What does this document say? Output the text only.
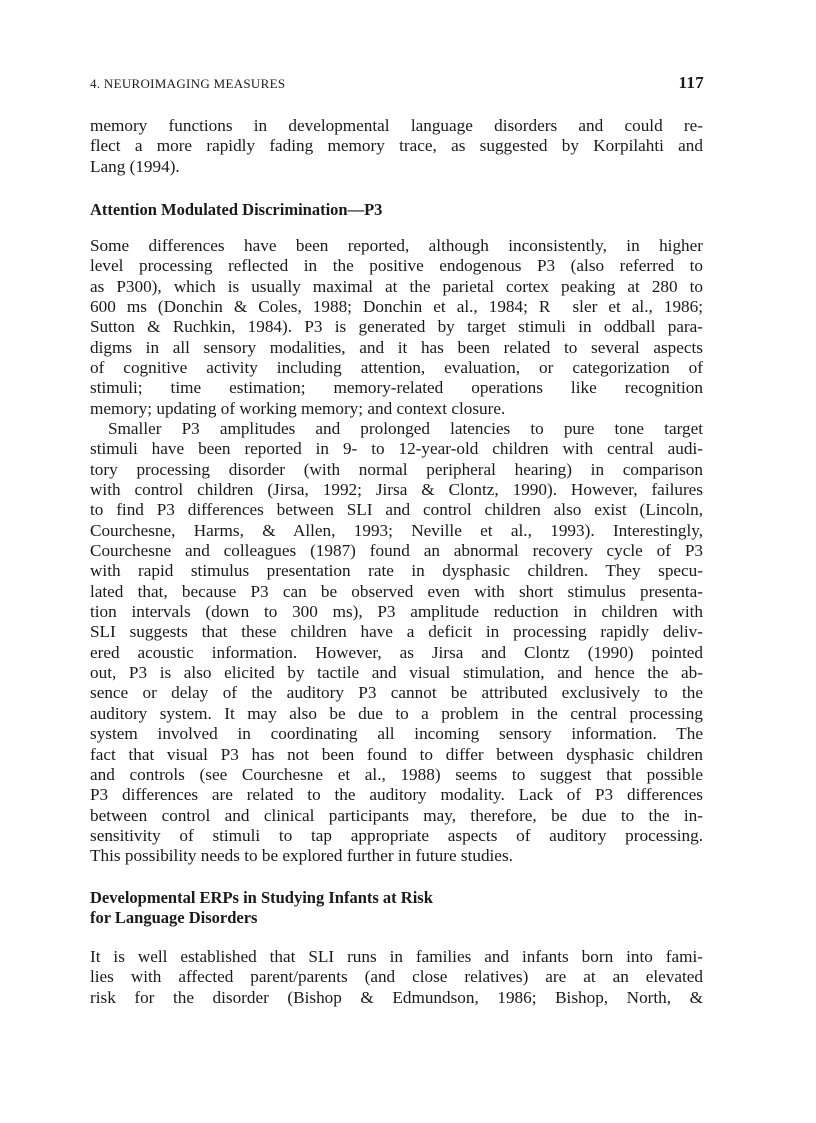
4. NEUROIMAGING MEASURES	117
memory functions in developmental language disorders and could re-
flect a more rapidly fading memory trace, as suggested by Korpilahti and
Lang (1994).
Attention Modulated Discrimination—P3
Some differences have been reported, although inconsistently, in higher
level processing reflected in the positive endogenous P3 (also referred to
as P300), which is usually maximal at the parietal cortex peaking at 280 to
600 ms (Donchin & Coles, 1988; Donchin et al., 1984; R  sler et al., 1986;
Sutton & Ruchkin, 1984). P3 is generated by target stimuli in oddball para-
digms in all sensory modalities, and it has been related to several aspects
of cognitive activity including attention, evaluation, or categorization of
stimuli; time estimation; memory-related operations like recognition
memory; updating of working memory; and context closure.
Smaller P3 amplitudes and prolonged latencies to pure tone target
stimuli have been reported in 9- to 12-year-old children with central audi-
tory processing disorder (with normal peripheral hearing) in comparison
with control children (Jirsa, 1992; Jirsa & Clontz, 1990). However, failures
to find P3 differences between SLI and control children also exist (Lincoln,
Courchesne, Harms, & Allen, 1993; Neville et al., 1993). Interestingly,
Courchesne and colleagues (1987) found an abnormal recovery cycle of P3
with rapid stimulus presentation rate in dysphasic children. They specu-
lated that, because P3 can be observed even with short stimulus presenta-
tion intervals (down to 300 ms), P3 amplitude reduction in children with
SLI suggests that these children have a deficit in processing rapidly deliv-
ered acoustic information. However, as Jirsa and Clontz (1990) pointed
out, P3 is also elicited by tactile and visual stimulation, and hence the ab-
sence or delay of the auditory P3 cannot be attributed exclusively to the
auditory system. It may also be due to a problem in the central processing
system involved in coordinating all incoming sensory information. The
fact that visual P3 has not been found to differ between dysphasic children
and controls (see Courchesne et al., 1988) seems to suggest that possible
P3 differences are related to the auditory modality. Lack of P3 differences
between control and clinical participants may, therefore, be due to the in-
sensitivity of stimuli to tap appropriate aspects of auditory processing.
This possibility needs to be explored further in future studies.
Developmental ERPs in Studying Infants at Risk
for Language Disorders
It is well established that SLI runs in families and infants born into fami-
lies with affected parent/parents (and close relatives) are at an elevated
risk for the disorder (Bishop & Edmundson, 1986; Bishop, North, &
